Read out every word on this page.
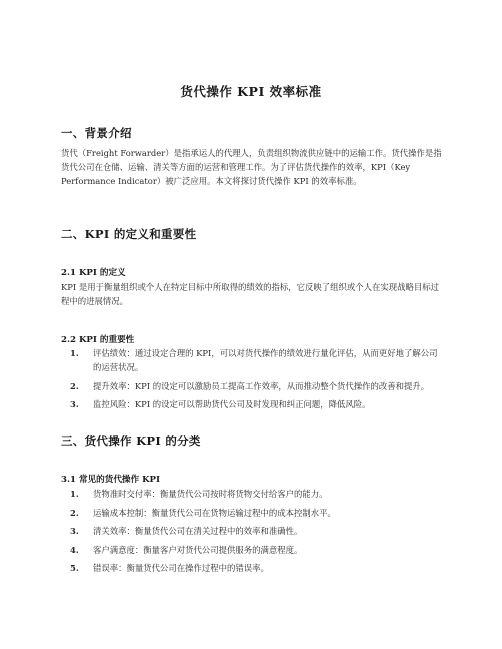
货代操作 KPI 效率标准
一、背景介绍
货代（Freight Forwarder）是指承运人的代理人，负责组织物流供应链中的运输工作。货代操作是指货代公司在仓储、运输、清关等方面的运营和管理工作。为了评估货代操作的效率，KPI（Key Performance Indicator）被广泛应用。本文将探讨货代操作 KPI 的效率标准。
二、KPI 的定义和重要性
2.1 KPI 的定义
KPI 是用于衡量组织或个人在特定目标中所取得的绩效的指标，它反映了组织或个人在实现战略目标过程中的进展情况。
2.2 KPI 的重要性
1. 评估绩效：通过设定合理的 KPI，可以对货代操作的绩效进行量化评估，从而更好地了解公司的运营状况。
2. 提升效率：KPI 的设定可以激励员工提高工作效率，从而推动整个货代操作的改善和提升。
3. 监控风险：KPI 的设定可以帮助货代公司及时发现和纠正问题，降低风险。
三、货代操作 KPI 的分类
3.1 常见的货代操作 KPI
1. 货物准时交付率：衡量货代公司按时将货物交付给客户的能力。
2. 运输成本控制：衡量货代公司在货物运输过程中的成本控制水平。
3. 清关效率：衡量货代公司在清关过程中的效率和准确性。
4. 客户满意度：衡量客户对货代公司提供服务的满意程度。
5. 错误率：衡量货代公司在操作过程中的错误率。
